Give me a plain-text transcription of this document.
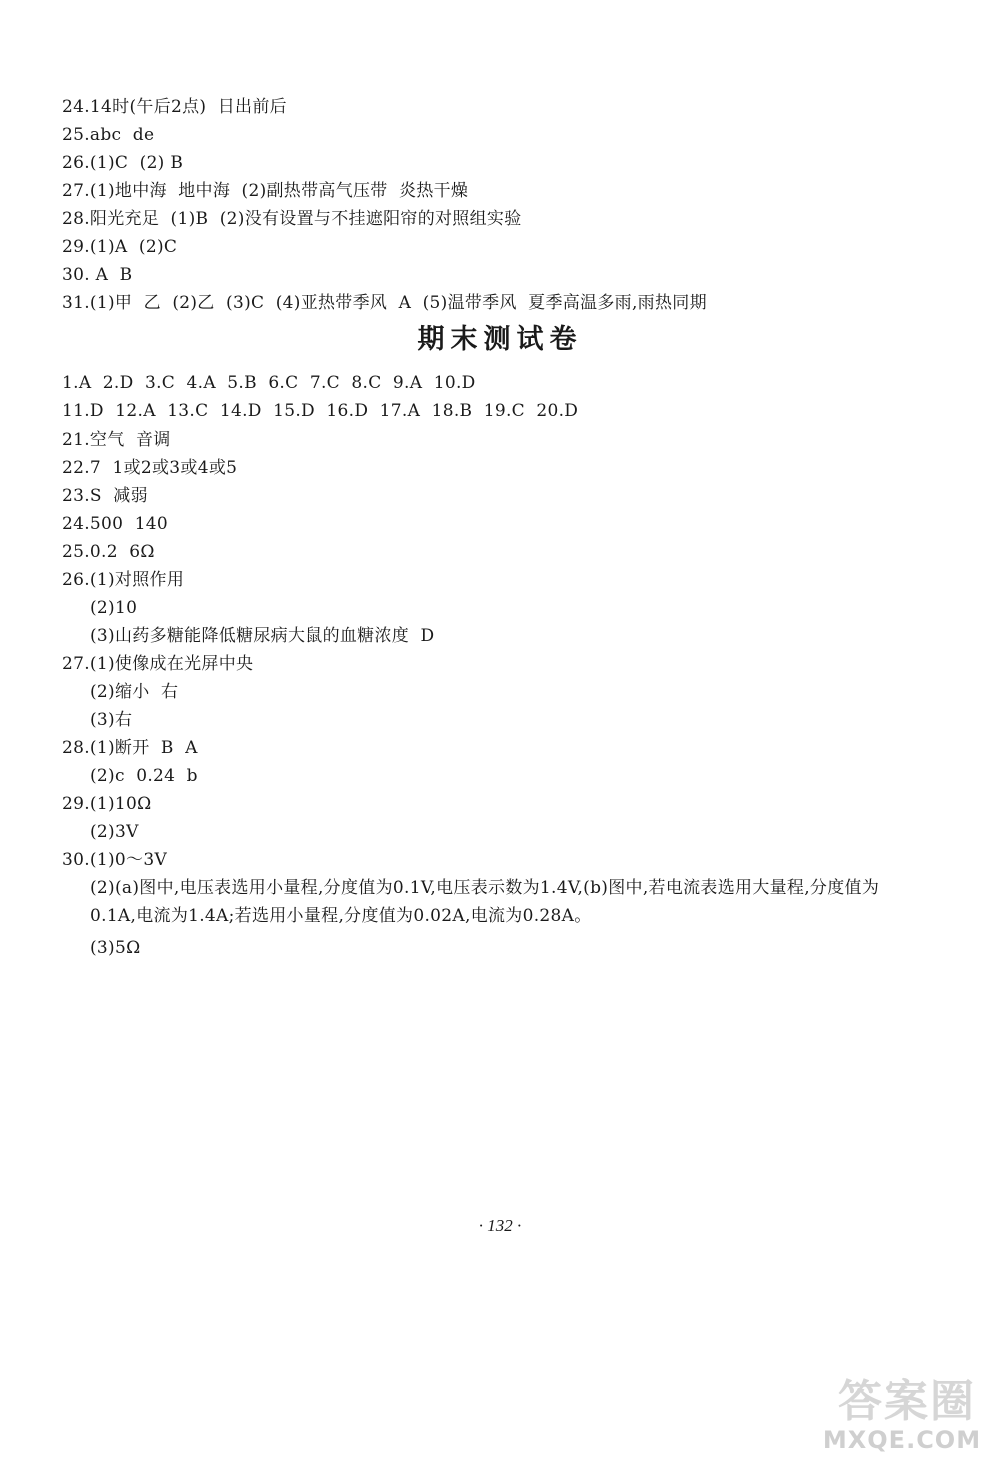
24.14时(午后2点)  日出前后
25.abc  de
26.(1)C  (2) B
27.(1)地中海  地中海  (2)副热带高气压带  炎热干燥
28.阳光充足  (1)B  (2)没有设置与不挂遮阳帘的对照组实验
29.(1)A  (2)C
30. A  B
31.(1)甲  乙  (2)乙  (3)C  (4)亚热带季风  A  (5)温带季风  夏季高温多雨,雨热同期
期末测试卷
1.A  2.D  3.C  4.A  5.B  6.C  7.C  8.C  9.A  10.D
11.D  12.A  13.C  14.D  15.D  16.D  17.A  18.B  19.C  20.D
21.空气  音调
22.7  1或2或3或4或5
23.S  减弱
24.500  140
25.0.2  6Ω
26.(1)对照作用
(2)10
(3)山药多糖能降低糖尿病大鼠的血糖浓度  D
27.(1)使像成在光屏中央
(2)缩小  右
(3)右
28.(1)断开  B  A
(2)c  0.24  b
29.(1)10Ω
(2)3V
30.(1)0～3V
(2)(a)图中,电压表选用小量程,分度值为0.1V,电压表示数为1.4V,(b)图中,若电流表选用大量程,分度值为0.1A,电流为1.4A;若选用小量程,分度值为0.02A,电流为0.28A。
(3)5Ω
· 132 ·
答案圈
MXQE.COM
